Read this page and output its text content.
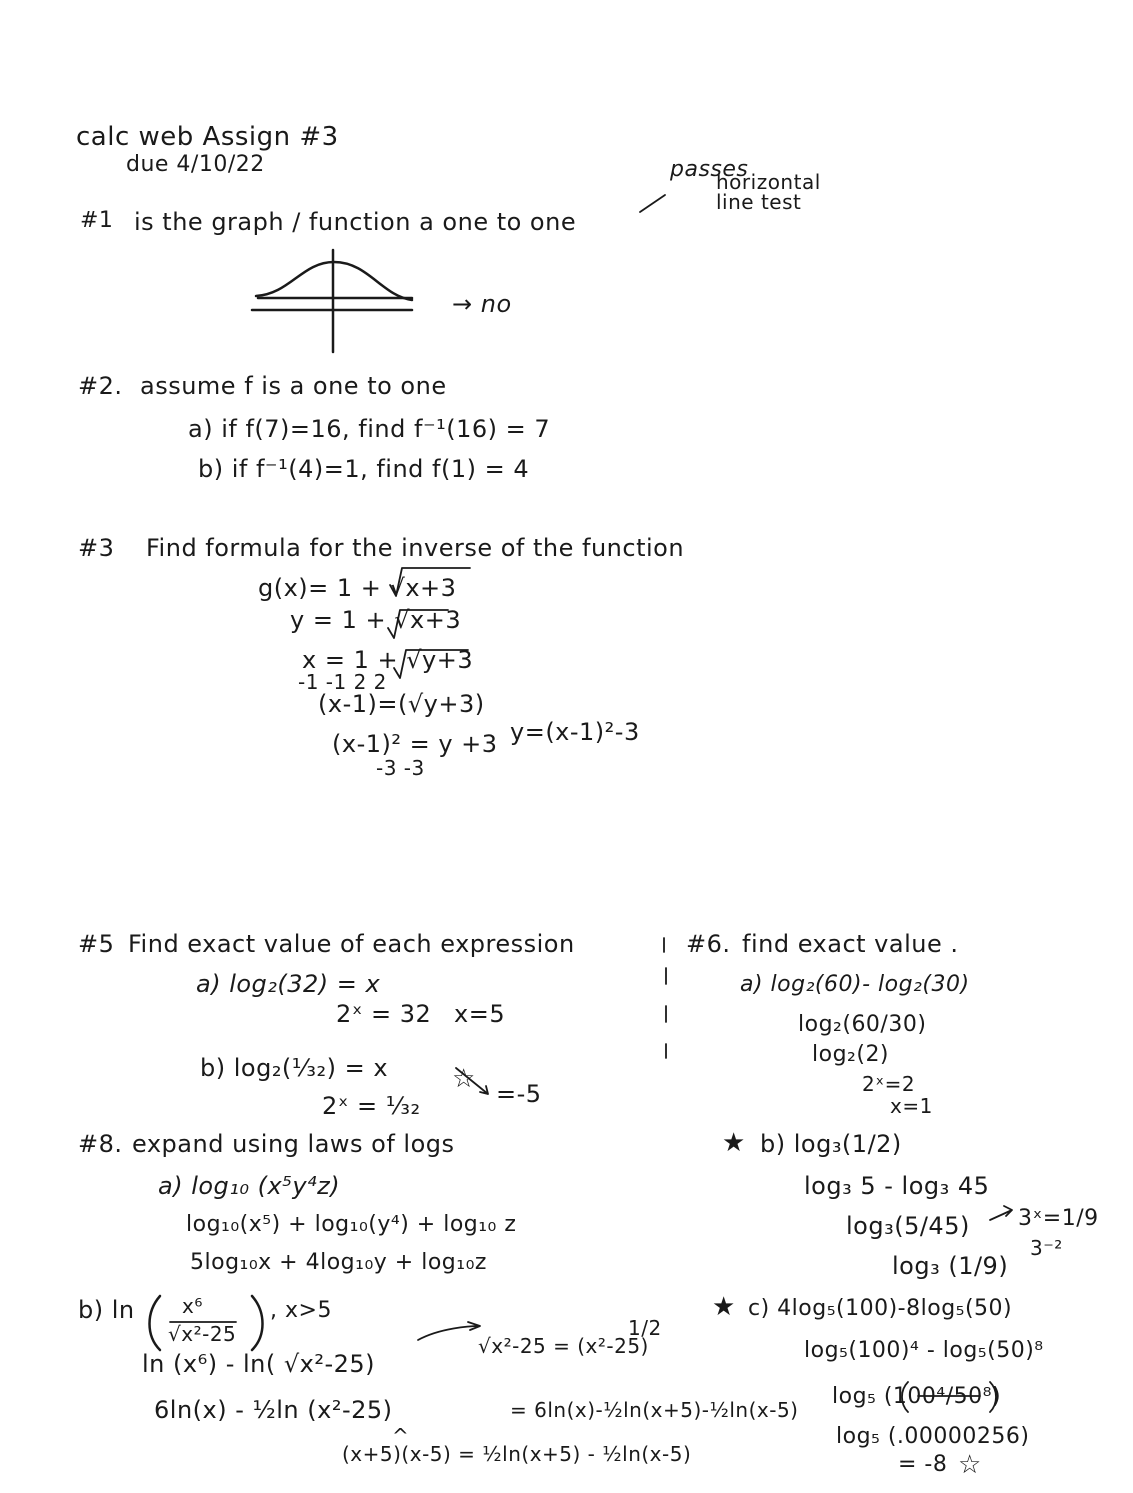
calc web Assign #3
due 4/10/22
#1 is the graph / function a one to one
→ no
passes
horizontal
line test
#2. assume f is a one to one
a) if f(7)=16, find f⁻¹(16) = 7
b) if f⁻¹(4)=1, find f(1) = 4
#3 Find formula for the inverse of the function
g(x)= 1 + √x+3
y = 1 + √x+3
x = 1 + √y+3
-1 -1 2 2
(x-1)=(√y+3)
(x-1)² = y +3
-3 -3
y=(x-1)²-3
#5 Find exact value of each expression
a) log₂(32) = x
2ˣ = 32 x=5
b) log₂(¹⁄₃₂) = x
2ˣ = ¹⁄₃₂	=-5
☆
#6. find exact value .
a) log₂(60)- log₂(30)
log₂(60/30)
log₂(2)
2ˣ=2
x=1
★ b) log₃(1/2)
log₃ 5 - log₃ 45
log₃(5/45) 3ˣ=1/9
3⁻²
log₃ (1/9)
★ c) 4log₅(100)-8log₅(50)
log₅(100)⁴ - log₅(50)⁸
log₅ (100⁴/50⁸)
log₅ (.00000256)
= -8 ☆
#8. expand using laws of logs
a) log₁₀ (x⁵y⁴z)
log₁₀(x⁵) + log₁₀(y⁴) + log₁₀ z
5log₁₀x + 4log₁₀y + log₁₀z
b) ln x⁶
√x²-25
, x>5
ln (x⁶) - ln( √x²-25)
√x²-25 = (x²-25)
1/2
6ln(x) - ½ln (x²-25)	= 6ln(x)-½ln(x+5)-½ln(x-5)
^
(x+5)(x-5) = ½ln(x+5) - ½ln(x-5)
